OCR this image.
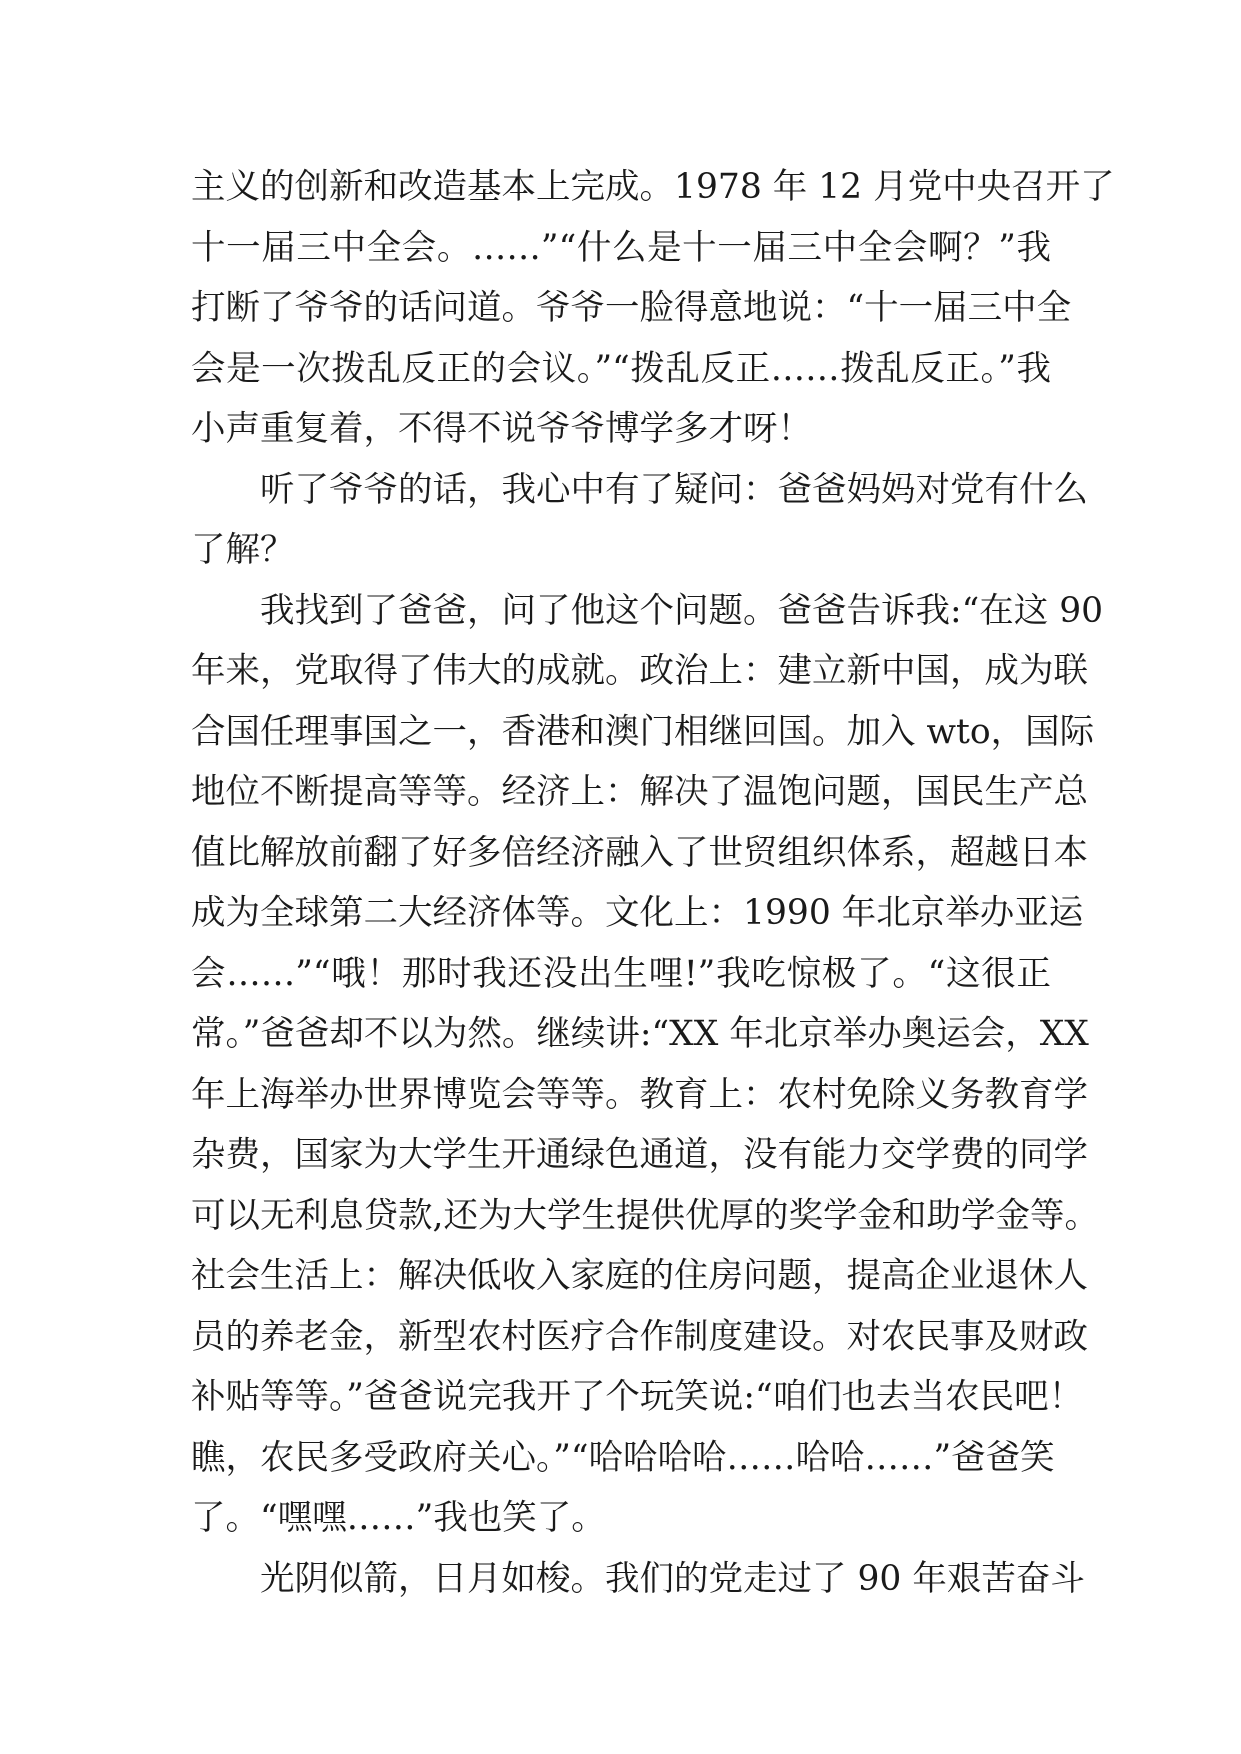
主义的创新和改造基本上完成。1978 年 12 月党中央召开了
十一届三中全会。……”“什么是十一届三中全会啊？”我
打断了爷爷的话问道。爷爷一脸得意地说：“十一届三中全
会是一次拨乱反正的会议。”“拨乱反正……拨乱反正。”我
小声重复着，不得不说爷爷博学多才呀！
听了爷爷的话，我心中有了疑问：爸爸妈妈对党有什么
了解？
我找到了爸爸，问了他这个问题。爸爸告诉我:“在这 90
年来，党取得了伟大的成就。政治上：建立新中国，成为联
合国任理事国之一，香港和澳门相继回国。加入 wto，国际
地位不断提高等等。经济上：解决了温饱问题，国民生产总
值比解放前翻了好多倍经济融入了世贸组织体系，超越日本
成为全球第二大经济体等。文化上：1990 年北京举办亚运
会……”“哦！那时我还没出生哩!”我吃惊极了。“这很正
常。”爸爸却不以为然。继续讲:“XX 年北京举办奥运会，XX
年上海举办世界博览会等等。教育上：农村免除义务教育学
杂费，国家为大学生开通绿色通道，没有能力交学费的同学
可以无利息贷款,还为大学生提供优厚的奖学金和助学金等。
社会生活上：解决低收入家庭的住房问题，提高企业退休人
员的养老金，新型农村医疗合作制度建设。对农民事及财政
补贴等等。”爸爸说完我开了个玩笑说:“咱们也去当农民吧！
瞧，农民多受政府关心。”“哈哈哈哈……哈哈……”爸爸笑
了。“嘿嘿……”我也笑了。
光阴似箭，日月如梭。我们的党走过了 90 年艰苦奋斗
